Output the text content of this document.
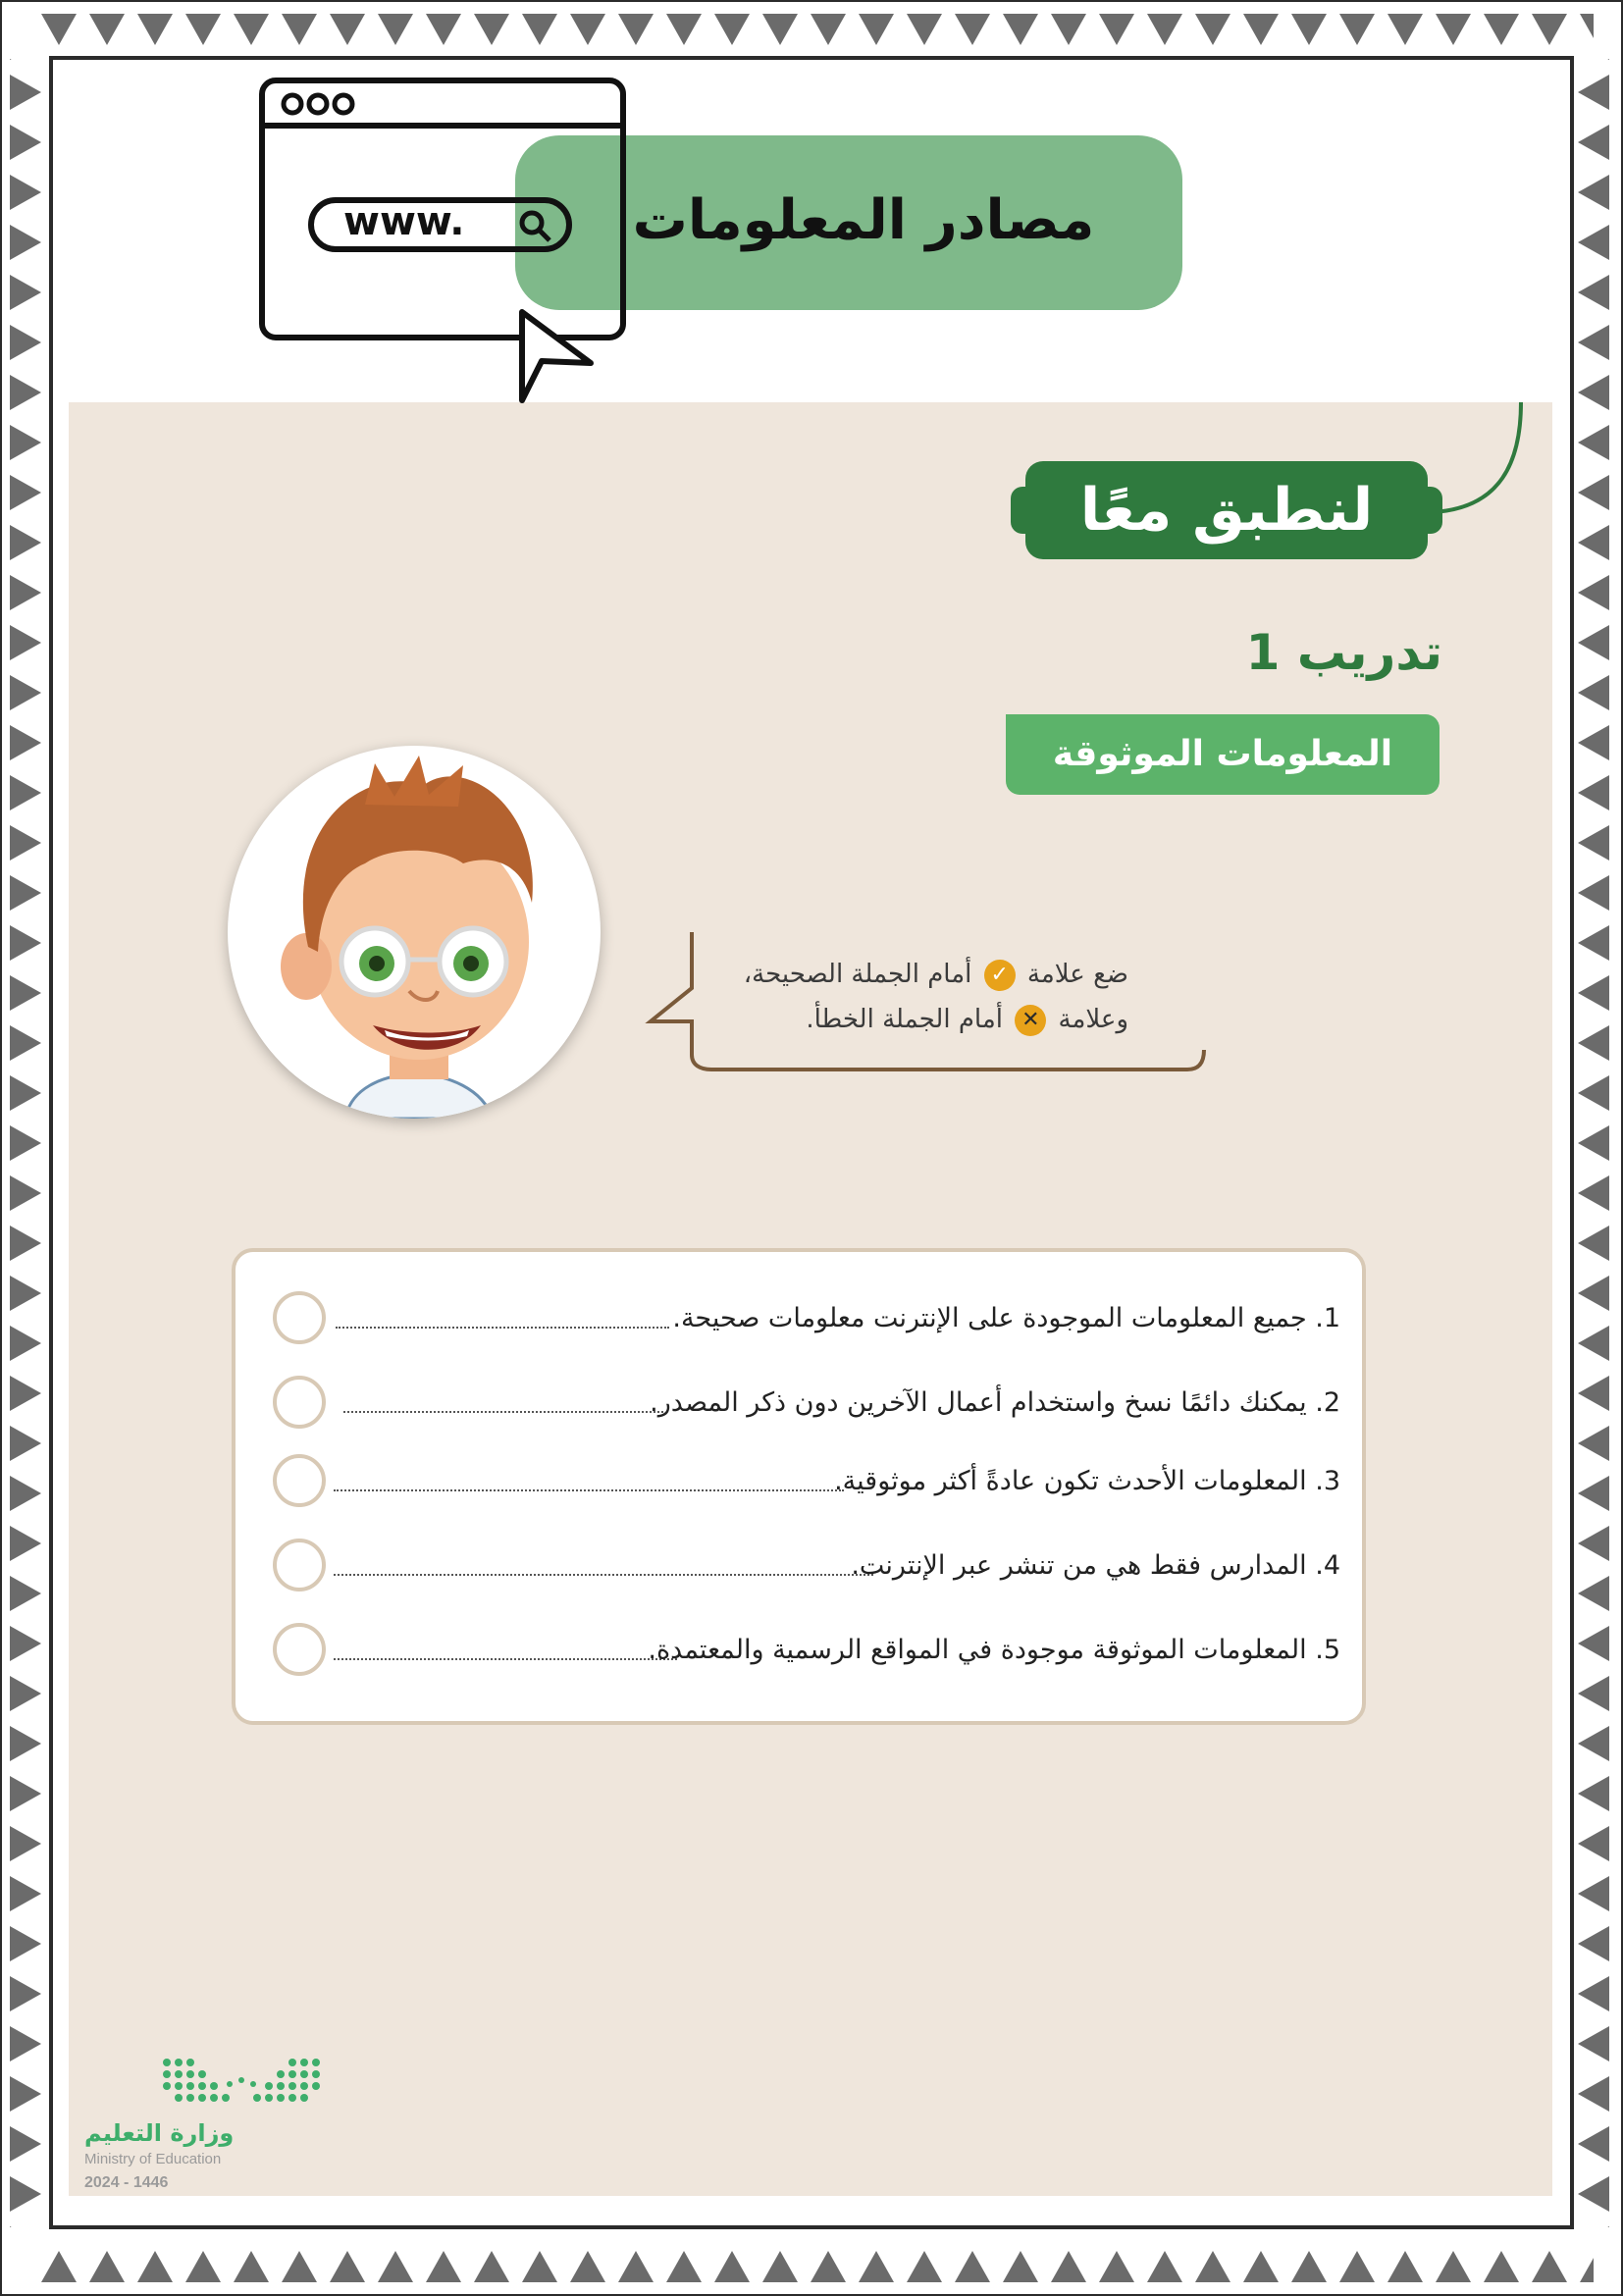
مصادر المعلومات
www.
لنطبق معًا
تدريب 1
المعلومات الموثوقة
ضع علامة ✓ أمام الجملة الصحيحة،
وعلامة ✕ أمام الجملة الخطأ.
1. جميع المعلومات الموجودة على الإنترنت معلومات صحيحة.
2. يمكنك دائمًا نسخ واستخدام أعمال الآخرين دون ذكر المصدر.
3. المعلومات الأحدث تكون عادةً أكثر موثوقية.
4. المدارس فقط هي من تنشر عبر الإنترنت.
5. المعلومات الموثوقة موجودة في المواقع الرسمية والمعتمدة.
وزارة التعليم
Ministry of Education
2024 - 1446
